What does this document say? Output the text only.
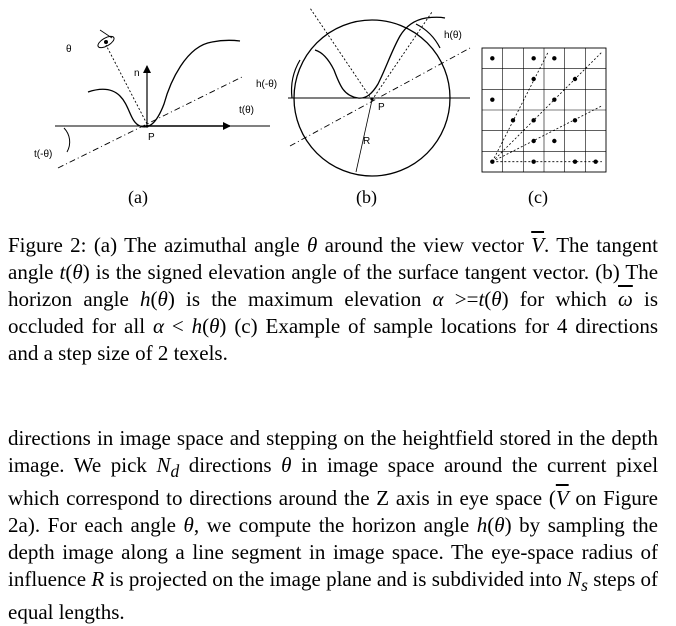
θ
n
P
t(θ)
t(-θ)
(a)
h(θ)
h(-θ)
P
R
(b)	(c)

Figure 2: (a) The azimuthal angle θ around the view vector $\overline{V}$. The tangent angle t(θ) is the signed elevation angle of the surface tangent vector. (b) The horizon angle h(θ) is the maximum elevation α >=t(θ) for which $\overline{\omega}$ is occluded for all α < h(θ) (c) Example of sample locations for 4 directions and a step size of 2 texels.

directions in image space and stepping on the heightfield stored in the depth image. We pick $N_d$ directions θ in image space around the current pixel which correspond to directions around the Z axis in eye space ($\overline{V}$ on Figure 2a). For each angle θ, we compute the horizon angle h(θ) by sampling the depth image along a line segment in image space. The eye-space radius of influence R is projected on the image plane and is subdivided into $N_s$ steps of equal lengths.
